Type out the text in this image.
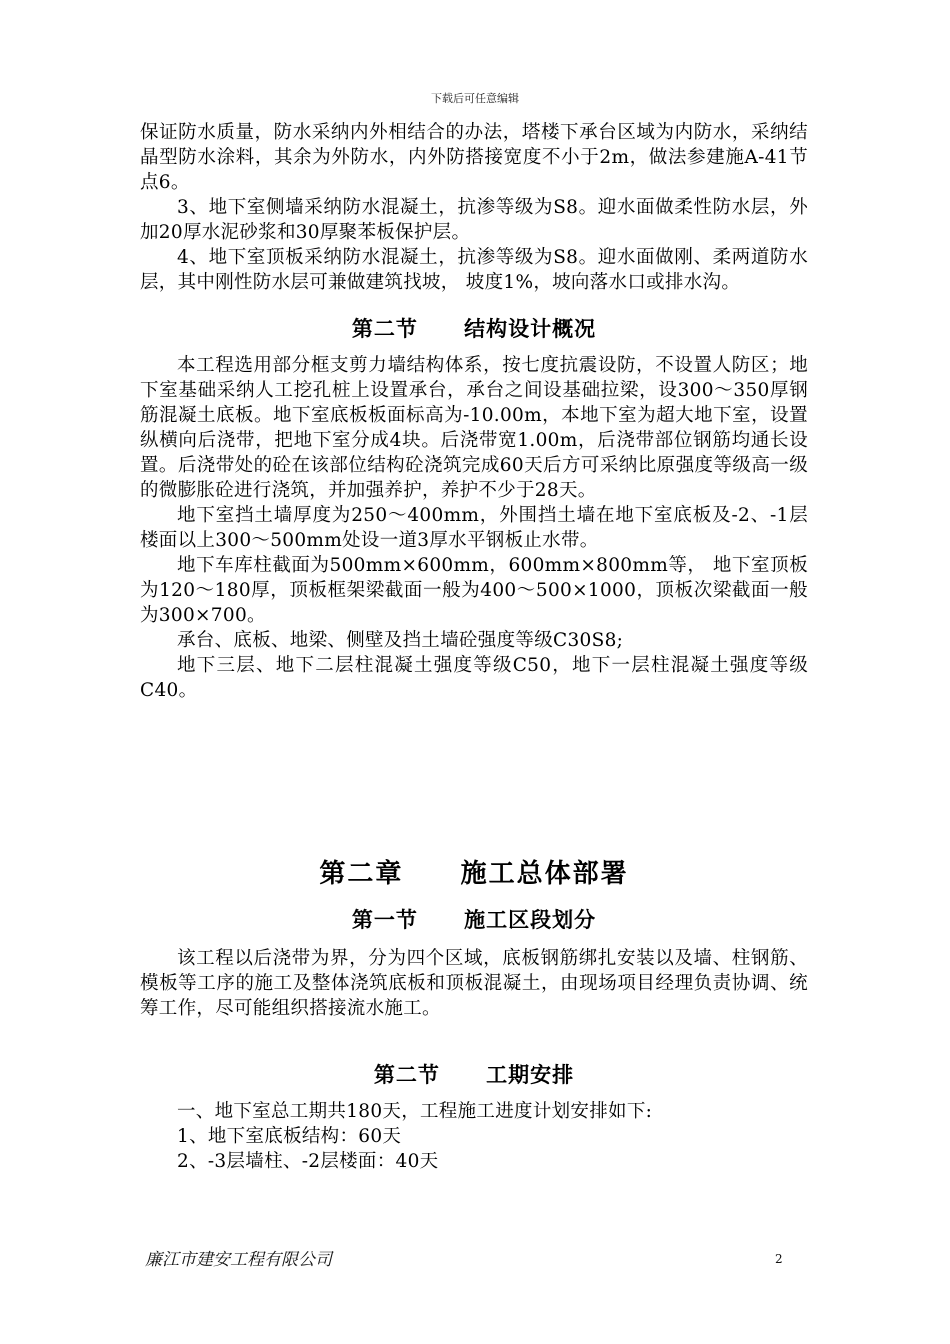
下载后可任意编辑

保证防水质量，防水采纳内外相结合的办法，塔楼下承台区域为内防水，采纳结晶型防水涂料，其余为外防水，内外防搭接宽度不小于2m，做法参建施A-41节点6。

3、地下室侧墙采纳防水混凝土，抗渗等级为S8。迎水面做柔性防水层，外加20厚水泥砂浆和30厚聚苯板保护层。

4、地下室顶板采纳防水混凝土，抗渗等级为S8。迎水面做刚、柔两道防水层，其中刚性防水层可兼做建筑找坡， 坡度1%，坡向落水口或排水沟。

第二节 结构设计概况

本工程选用部分框支剪力墙结构体系，按七度抗震设防，不设置人防区；地下室基础采纳人工挖孔桩上设置承台，承台之间设基础拉梁，设300～350厚钢筋混凝土底板。地下室底板板面标高为-10.00m，本地下室为超大地下室，设置纵横向后浇带，把地下室分成4块。后浇带宽1.00m，后浇带部位钢筋均通长设置。后浇带处的砼在该部位结构砼浇筑完成60天后方可采纳比原强度等级高一级的微膨胀砼进行浇筑，并加强养护，养护不少于28天。

地下室挡土墙厚度为250～400mm，外围挡土墙在地下室底板及-2、-1层楼面以上300～500mm处设一道3厚水平钢板止水带。

地下车库柱截面为500mm×600mm，600mm×800mm等， 地下室顶板为120～180厚，顶板框架梁截面一般为400～500×1000，顶板次梁截面一般为300×700。

承台、底板、地梁、侧壁及挡土墙砼强度等级C30S8;

地下三层、地下二层柱混凝土强度等级C50，地下一层柱混凝土强度等级C40。

第二章 施工总体部署
第一节 施工区段划分

该工程以后浇带为界，分为四个区域，底板钢筋绑扎安装以及墙、柱钢筋、模板等工序的施工及整体浇筑底板和顶板混凝土，由现场项目经理负责协调、统筹工作，尽可能组织搭接流水施工。

第二节 工期安排

一、地下室总工期共180天，工程施工进度计划安排如下:

1、地下室底板结构：60天

2、-3层墙柱、-2层楼面：40天

廉江市建安工程有限公司	2
